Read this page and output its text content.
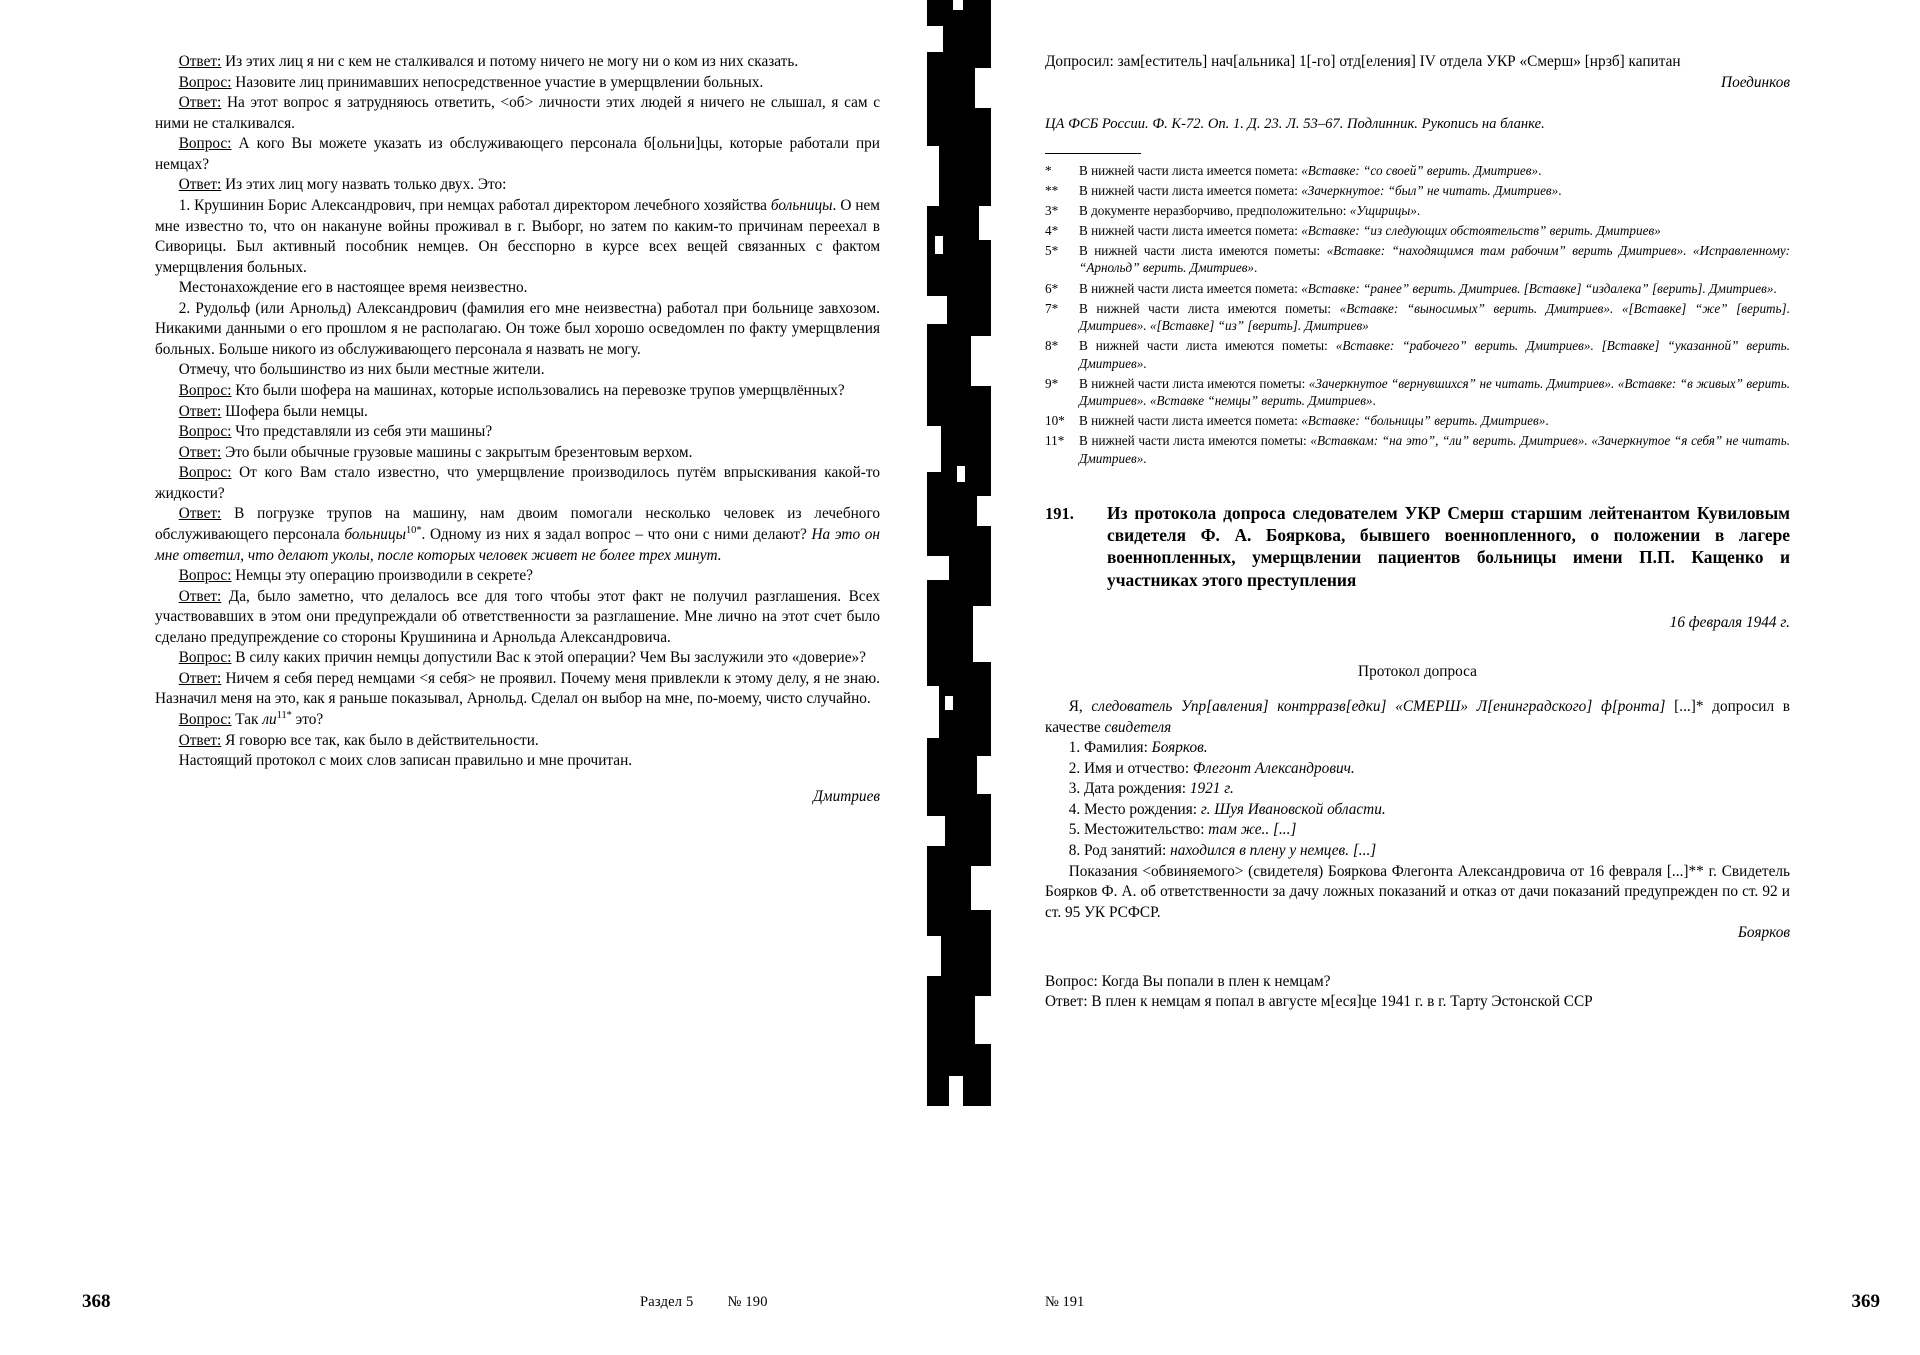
Ответ: Из этих лиц я ни с кем не сталкивался и потому ничего не могу ни о ком из них сказать.

Вопрос: Назовите лиц принимавших непосредственное участие в умерщвлении больных.

Ответ: На этот вопрос я затрудняюсь ответить, <об> личности этих людей я ничего не слышал, я сам с ними не сталкивался.

Вопрос: А кого Вы можете указать из обслуживающего персонала б[ольни]цы, которые работали при немцах?

Ответ: Из этих лиц могу назвать только двух. Это:

1. Крушинин Борис Александрович, при немцах работал директором лечебного хозяйства больницы. О нем мне известно то, что он накануне войны проживал в г. Выборг, но затем по каким-то причинам переехал в Сиворицы. Был активный пособник немцев. Он бесспорно в курсе всех вещей связанных с фактом умерщвления больных.

Местонахождение его в настоящее время неизвестно.

2. Рудольф (или Арнольд) Александрович (фамилия его мне неизвестна) работал при больнице завхозом. Никакими данными о его прошлом я не располагаю. Он тоже был хорошо осведомлен по факту умерщвления больных. Больше никого из обслуживающего персонала я назвать не могу.

Отмечу, что большинство из них были местные жители.

Вопрос: Кто были шофера на машинах, которые использовались на перевозке трупов умерщвлённых?

Ответ: Шофера были немцы.

Вопрос: Что представляли из себя эти машины?

Ответ: Это были обычные грузовые машины с закрытым брезентовым верхом.

Вопрос: От кого Вам стало известно, что умерщвление производилось путём впрыскивания какой-то жидкости?

Ответ: В погрузке трупов на машину, нам двоим помогали несколько человек из лечебного обслуживающего персонала больницы$^{10*}$. Одному из них я задал вопрос – что они с ними делают? На это он мне ответил, что делают уколы, после которых человек живет не более трех минут.

Вопрос: Немцы эту операцию производили в секрете?

Ответ: Да, было заметно, что делалось все для того чтобы этот факт не получил разглашения. Всех участвовавших в этом они предупреждали об ответственности за разглашение. Мне лично на этот счет было сделано предупреждение со стороны Крушинина и Арнольда Александровича.

Вопрос: В силу каких причин немцы допустили Вас к этой операции? Чем Вы заслужили это «доверие»?

Ответ: Ничем я себя перед немцами <я себя> не проявил. Почему меня привлекли к этому делу, я не знаю. Назначил меня на это, как я раньше показывал, Арнольд. Сделал он выбор на мне, по-моему, чисто случайно.

Вопрос: Так $ли^{11*}$ это?

Ответ: Я говорю все так, как было в действительности.

Настоящий протокол с моих слов записан правильно и мне прочитан.

Дмитриев

368	Раздел 5 № 190

Допросил: зам[еститель] нач[альника] 1[-го] отд[еления] IV отдела УКР «Смерш» [нрзб] капитан

Поединков

ЦА ФСБ России. Ф. К-72. Оп. 1. Д. 23. Л. 53–67. Подлинник. Рукопись на бланке.

*	В нижней части листа имеется помета: «Вставке: “со своей” верить. Дмитриев».
**	В нижней части листа имеется помета: «Зачеркнутое: “был” не читать. Дмитриев».
3*	В документе неразборчиво, предположительно: «Ущирицы».
4*	В нижней части листа имеется помета: «Вставке: “из следующих обстоятельств” верить. Дмитриев»
5*	В нижней части листа имеются пометы: «Вставке: “находящимся там рабочим” верить Дмитриев». «Исправленному: “Арнольд” верить. Дмитриев».
6*	В нижней части листа имеется помета: «Вставке: “ранее” верить. Дмитриев. [Вставке] “издалека” [верить]. Дмитриев».
7*	В нижней части листа имеются пометы: «Вставке: “выносимых” верить. Дмитриев». «[Вставке] “же” [верить]. Дмитриев». «[Вставке] “из” [верить]. Дмитриев»
8*	В нижней части листа имеются пометы: «Вставке: “рабочего” верить. Дмитриев». [Вставке] “указанной” верить. Дмитриев».
9*	В нижней части листа имеются пометы: «Зачеркнутое “вернувшихся” не читать. Дмитриев». «Вставке: “в живых” верить. Дмитриев». «Вставке “немцы” верить. Дмитриев».
10*	В нижней части листа имеется помета: «Вставке: “больницы” верить. Дмитриев».
11*	В нижней части листа имеются пометы: «Вставкам: “на это”, “ли” верить. Дмитриев». «Зачеркнутое “я себя” не читать. Дмитриев».
191.	Из протокола допроса следователем УКР Смерш старшим лейтенантом Кувиловым свидетеля Ф. А. Бояркова, бывшего военнопленного, о положении в лагере военнопленных, умерщвлении пациентов больницы имени П.П. Кащенко и участниках этого преступления
16 февраля 1944 г.

Протокол допроса

Я, следователь Упр[авления] контрразв[едки] «СМЕРШ» Л[енинградского] ф[ронта] [...]* допросил в качестве свидетеля

1. Фамилия: Боярков.

2. Имя и отчество: Флегонт Александрович.

3. Дата рождения: 1921 г.

4. Место рождения: г. Шуя Ивановской области.

5. Местожительство: там же.. [...]

8. Род занятий: находился в плену у немцев. [...]

Показания <обвиняемого> (свидетеля) Бояркова Флегонта Александровича от 16 февраля [...]** г. Свидетель Боярков Ф. А. об ответственности за дачу ложных показаний и отказ от дачи показаний предупрежден по ст. 92 и ст. 95 УК РСФСР.

Боярков

Вопрос: Когда Вы попали в плен к немцам?

Ответ: В плен к немцам я попал в августе м[еся]це 1941 г. в г. Тарту Эстонской ССР

№ 191	369
